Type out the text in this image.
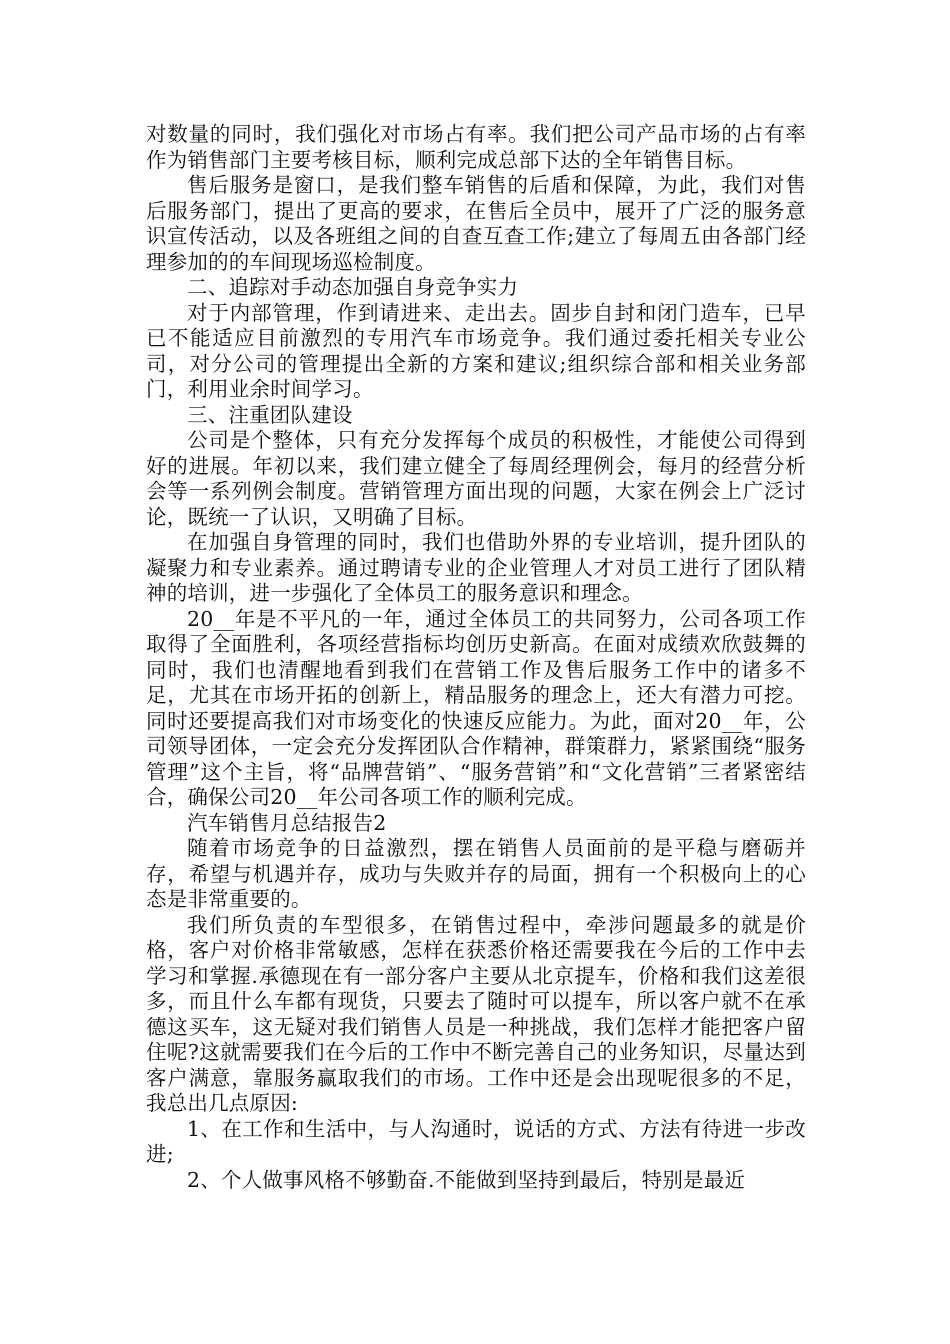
对数量的同时，我们强化对市场占有率。我们把公司产品市场的占有率作为销售部门主要考核目标，顺利完成总部下达的全年销售目标。

售后服务是窗口，是我们整车销售的后盾和保障，为此，我们对售后服务部门，提出了更高的要求，在售后全员中，展开了广泛的服务意识宣传活动，以及各班组之间的自查互查工作;建立了每周五由各部门经理参加的的车间现场巡检制度。

二、追踪对手动态加强自身竞争实力

对于内部管理，作到请进来、走出去。固步自封和闭门造车，已早已不能适应目前激烈的专用汽车市场竞争。我们通过委托相关专业公司，对分公司的管理提出全新的方案和建议;组织综合部和相关业务部门，利用业余时间学习。

三、注重团队建设

公司是个整体，只有充分发挥每个成员的积极性，才能使公司得到好的进展。年初以来，我们建立健全了每周经理例会，每月的经营分析会等一系列例会制度。营销管理方面出现的问题，大家在例会上广泛讨论，既统一了认识，又明确了目标。

在加强自身管理的同时，我们也借助外界的专业培训，提升团队的凝聚力和专业素养。通过聘请专业的企业管理人才对员工进行了团队精神的培训，进一步强化了全体员工的服务意识和理念。

20__年是不平凡的一年，通过全体员工的共同努力，公司各项工作取得了全面胜利，各项经营指标均创历史新高。在面对成绩欢欣鼓舞的同时，我们也清醒地看到我们在营销工作及售后服务工作中的诸多不足，尤其在市场开拓的创新上，精品服务的理念上，还大有潜力可挖。同时还要提高我们对市场变化的快速反应能力。为此，面对20__年，公司领导团体，一定会充分发挥团队合作精神，群策群力，紧紧围绕“服务管理”这个主旨，将“品牌营销”、“服务营销”和“文化营销”三者紧密结合，确保公司20__年公司各项工作的顺利完成。

汽车销售月总结报告2

随着市场竞争的日益激烈，摆在销售人员面前的是平稳与磨砺并存，希望与机遇并存，成功与失败并存的局面，拥有一个积极向上的心态是非常重要的。

我们所负责的车型很多，在销售过程中，牵涉问题最多的就是价格，客户对价格非常敏感，怎样在获悉价格还需要我在今后的工作中去学习和掌握.承德现在有一部分客户主要从北京提车，价格和我们这差很多，而且什么车都有现货，只要去了随时可以提车，所以客户就不在承德这买车，这无疑对我们销售人员是一种挑战，我们怎样才能把客户留住呢?这就需要我们在今后的工作中不断完善自己的业务知识，尽量达到客户满意，靠服务赢取我们的市场。工作中还是会出现呢很多的不足，我总出几点原因:

1、在工作和生活中，与人沟通时，说话的方式、方法有待进一步改进;

2、个人做事风格不够勤奋.不能做到坚持到最后，特别是最近
